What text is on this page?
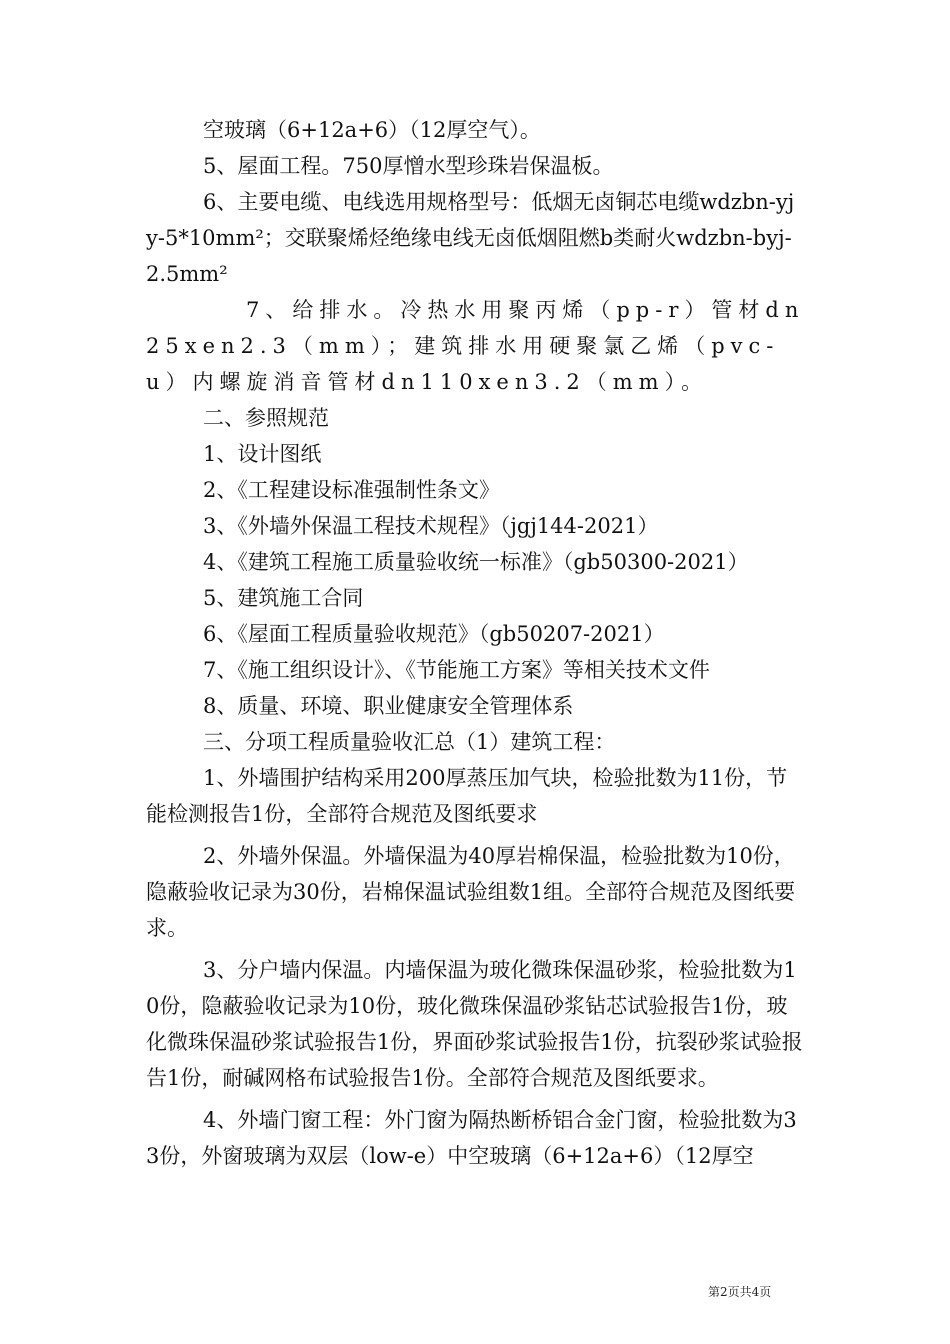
空玻璃（6+12a+6）（12厚空气）。

5、屋面工程。750厚憎水型珍珠岩保温板。

6、主要电缆、电线选用规格型号：低烟无卤铜芯电缆wdzbn-yjy-5*10mm²；交联聚烯烃绝缘电线无卤低烟阻燃b类耐火wdzbn-byj-2.5mm²

7、给排水。冷热水用聚丙烯（pp-r）管材dn25xen2.3（mm）；建筑排水用硬聚氯乙烯（pvc-u）内螺旋消音管材dn110xen3.2（mm）。

二、参照规范

1、设计图纸

2、《工程建设标准强制性条文》

3、《外墙外保温工程技术规程》（jgj144-2021）

4、《建筑工程施工质量验收统一标准》（gb50300-2021）

5、建筑施工合同

6、《屋面工程质量验收规范》（gb50207-2021）

7、《施工组织设计》、《节能施工方案》等相关技术文件

8、质量、环境、职业健康安全管理体系

三、分项工程质量验收汇总（1）建筑工程：

1、外墙围护结构采用200厚蒸压加气块，检验批数为11份，节能检测报告1份，全部符合规范及图纸要求

2、外墙外保温。外墙保温为40厚岩棉保温，检验批数为10份，隐蔽验收记录为30份，岩棉保温试验组数1组。全部符合规范及图纸要求。

3、分户墙内保温。内墙保温为玻化微珠保温砂浆，检验批数为10份，隐蔽验收记录为10份，玻化微珠保温砂浆钻芯试验报告1份，玻化微珠保温砂浆试验报告1份，界面砂浆试验报告1份，抗裂砂浆试验报告1份，耐碱网格布试验报告1份。全部符合规范及图纸要求。

4、外墙门窗工程：外门窗为隔热断桥铝合金门窗，检验批数为33份，外窗玻璃为双层（low-e）中空玻璃（6+12a+6）（12厚空

第2页共4页
